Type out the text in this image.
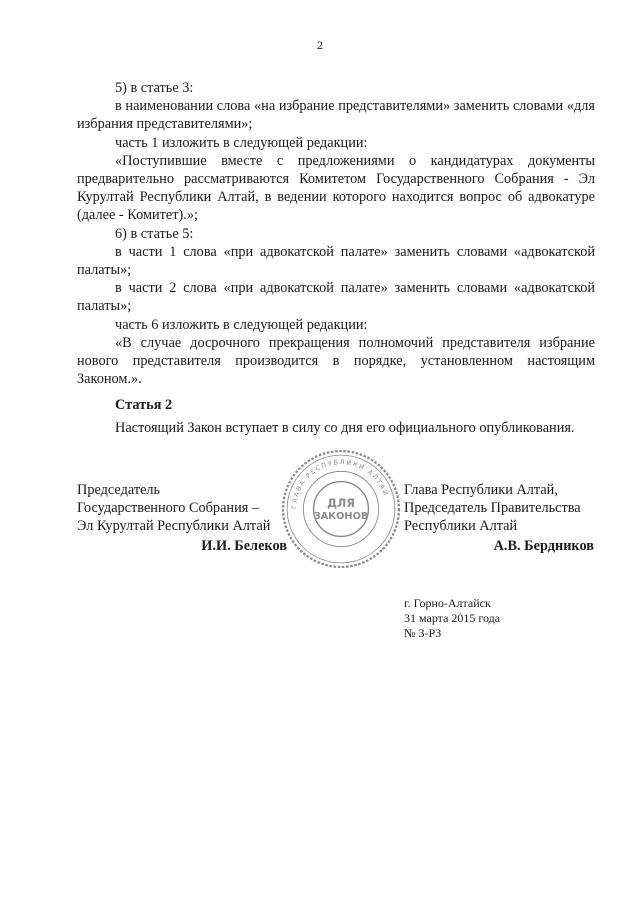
2

5) в статье 3:

в наименовании слова «на избрание представителями» заменить словами «для избрания представителями»;

часть 1 изложить в следующей редакции:

«Поступившие вместе с предложениями о кандидатурах документы предварительно рассматриваются Комитетом Государственного Собрания - Эл Курултай Республики Алтай, в ведении которого находится вопрос об адвокатуре (далее - Комитет).»;

6) в статье 5:

в части 1 слова «при адвокатской палате» заменить словами «адвокатской палаты»;

в части 2 слова «при адвокатской палате» заменить словами «адвокатской палаты»;

часть 6 изложить в следующей редакции:

«В случае досрочного прекращения полномочий представителя избрание нового представителя производится в порядке, установленном настоящим Законом.».

Статья 2

Настоящий Закон вступает в силу со дня его официального опубликования.

Председатель
Государственного Собрания –
Эл Курултай Республики Алтай
И.И. Белеков
ГЛАВА РЕСПУБЛИКИ АЛТАЙ
ДЛЯ
ЗАКОНОВ
Глава Республики Алтай,
Председатель Правительства
Республики Алтай
А.В. Бердников
г. Горно-Алтайск
31 марта 2015 года
№ 3-РЗ
